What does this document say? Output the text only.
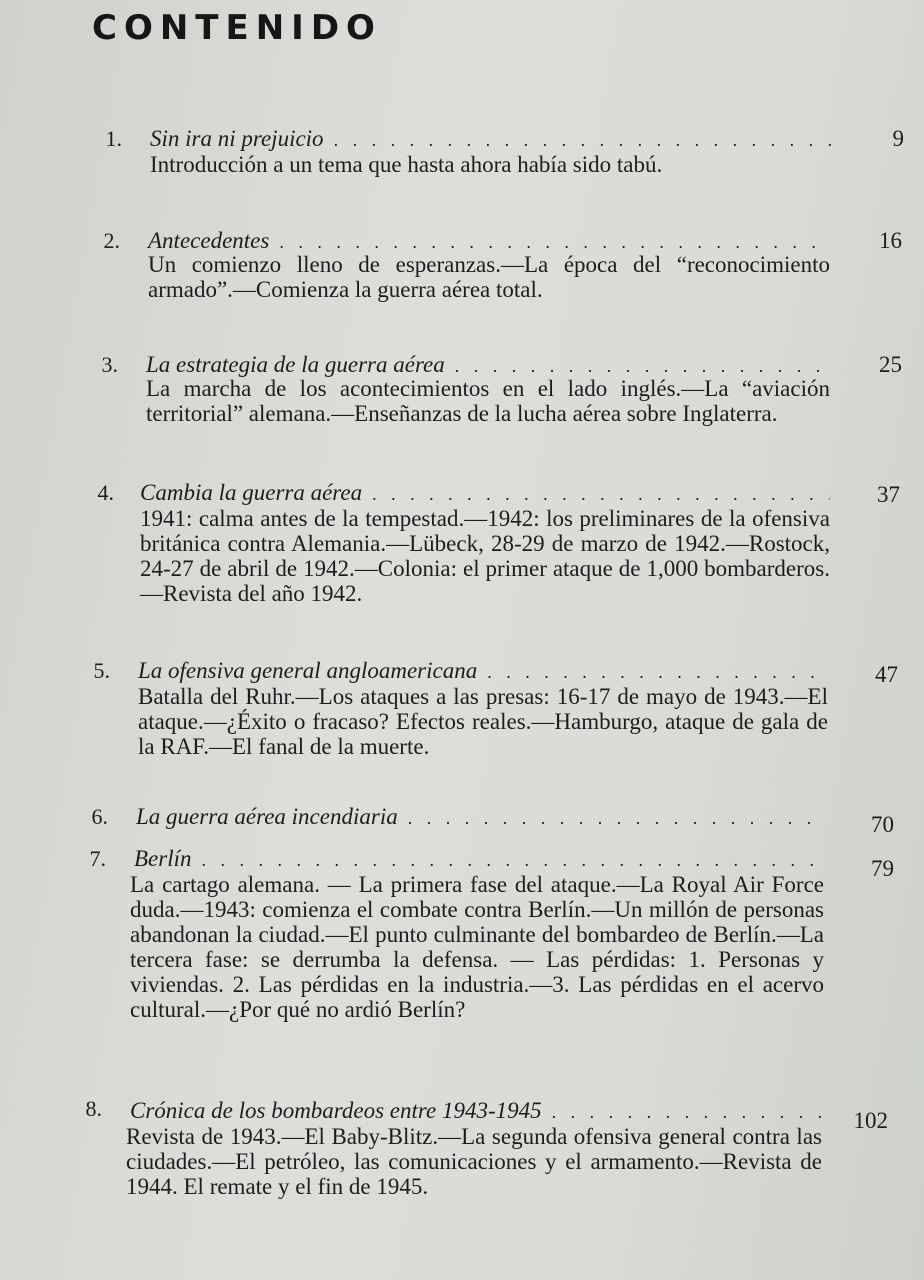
CONTENIDO
1. Sin ira ni prejuicio . . .	9
Introducción a un tema que hasta ahora había sido tabú.
2. Antecedentes . . .	16
Un comienzo lleno de esperanzas.—La época del “reconocimiento armado”.—Comienza la guerra aérea total.
3. La estrategia de la guerra aérea . . .	25
La marcha de los acontecimientos en el lado inglés.—La “aviación territorial” alemana.—Enseñanzas de la lucha aérea sobre Inglaterra.
4. Cambia la guerra aérea . . .	37
1941: calma antes de la tempestad.—1942: los preliminares de la ofensiva británica contra Alemania.—Lübeck, 28-29 de marzo de 1942.—Rostock, 24-27 de abril de 1942.—Colonia: el primer ataque de 1,000 bombarderos.—Revista del año 1942.
5. La ofensiva general angloamericana . . .	47
Batalla del Ruhr.—Los ataques a las presas: 16-17 de mayo de 1943.—El ataque.—¿Éxito o fracaso? Efectos reales.—Hamburgo, ataque de gala de la RAF.—El fanal de la muerte.
6. La guerra aérea incendiaria . . .	70
7. Berlín . . .	79
La cartago alemana. — La primera fase del ataque.—La Royal Air Force duda.—1943: comienza el combate contra Berlín.—Un millón de personas abandonan la ciudad.—El punto culminante del bombardeo de Berlín.—La tercera fase: se derrumba la defensa. — Las pérdidas: 1. Personas y viviendas. 2. Las pérdidas en la industria.—3. Las pérdidas en el acervo cultural.—¿Por qué no ardió Berlín?
8. Crónica de los bombardeos entre 1943-1945 . . .	102
Revista de 1943.—El Baby-Blitz.—La segunda ofensiva general contra las ciudades.—El petróleo, las comunicaciones y el armamento.—Revista de 1944. El remate y el fin de 1945.
